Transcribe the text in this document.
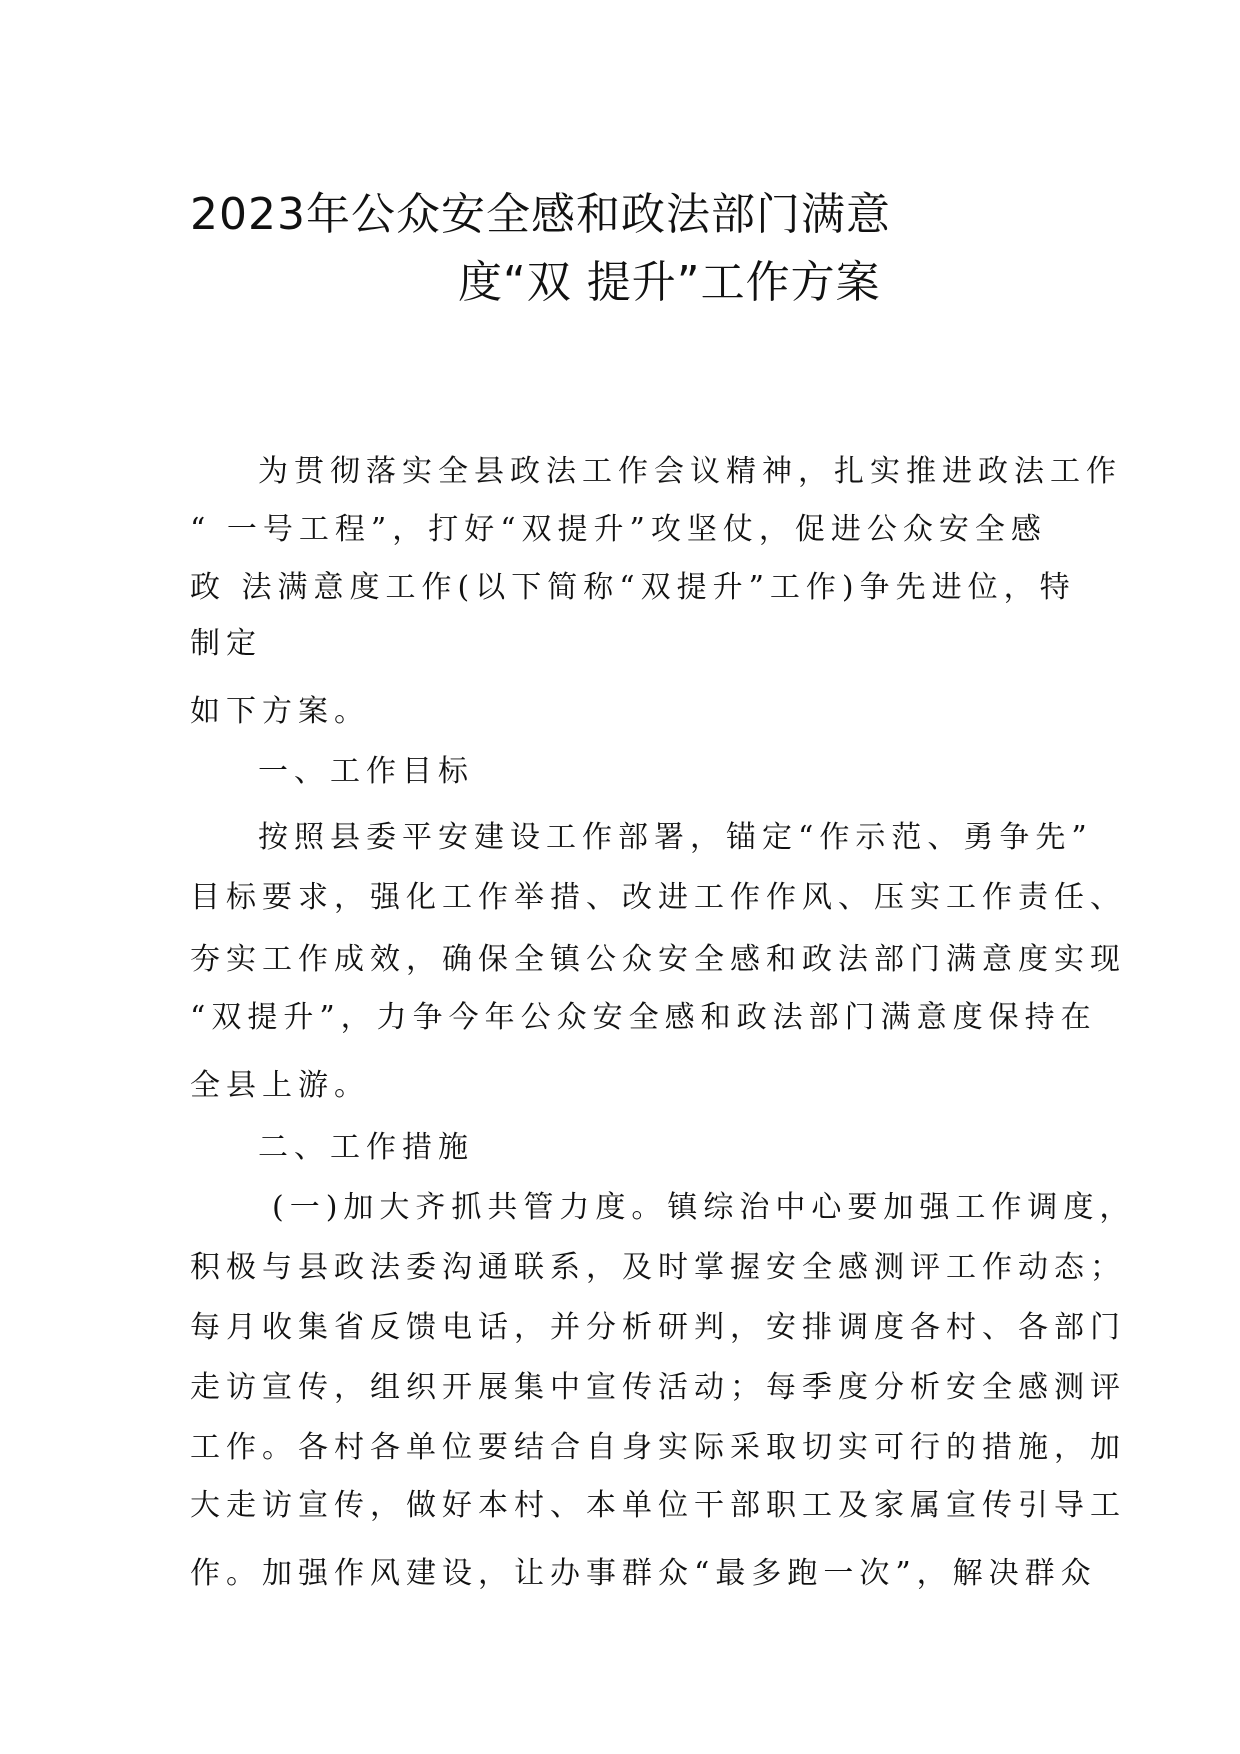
2023年公众安全感和政法部门满意
度“双 提升”工作方案
为贯彻落实全县政法工作会议精神，扎实推进政法工作
“ 一号工程”，打好“双提升”攻坚仗，促进公众安全感
政 法满意度工作(以下简称“双提升”工作)争先进位，特
制定
如下方案。
一、工作目标
按照县委平安建设工作部署，锚定“作示范、勇争先”
目标要求，强化工作举措、改进工作作风、压实工作责任、
夯实工作成效，确保全镇公众安全感和政法部门满意度实现
“双提升”，力争今年公众安全感和政法部门满意度保持在
全县上游。
二、工作措施
(一)加大齐抓共管力度。镇综治中心要加强工作调度，
积极与县政法委沟通联系，及时掌握安全感测评工作动态；
每月收集省反馈电话，并分析研判，安排调度各村、各部门
走访宣传，组织开展集中宣传活动；每季度分析安全感测评
工作。各村各单位要结合自身实际采取切实可行的措施，加
大走访宣传，做好本村、本单位干部职工及家属宣传引导工
作。加强作风建设，让办事群众“最多跑一次”，解决群众
